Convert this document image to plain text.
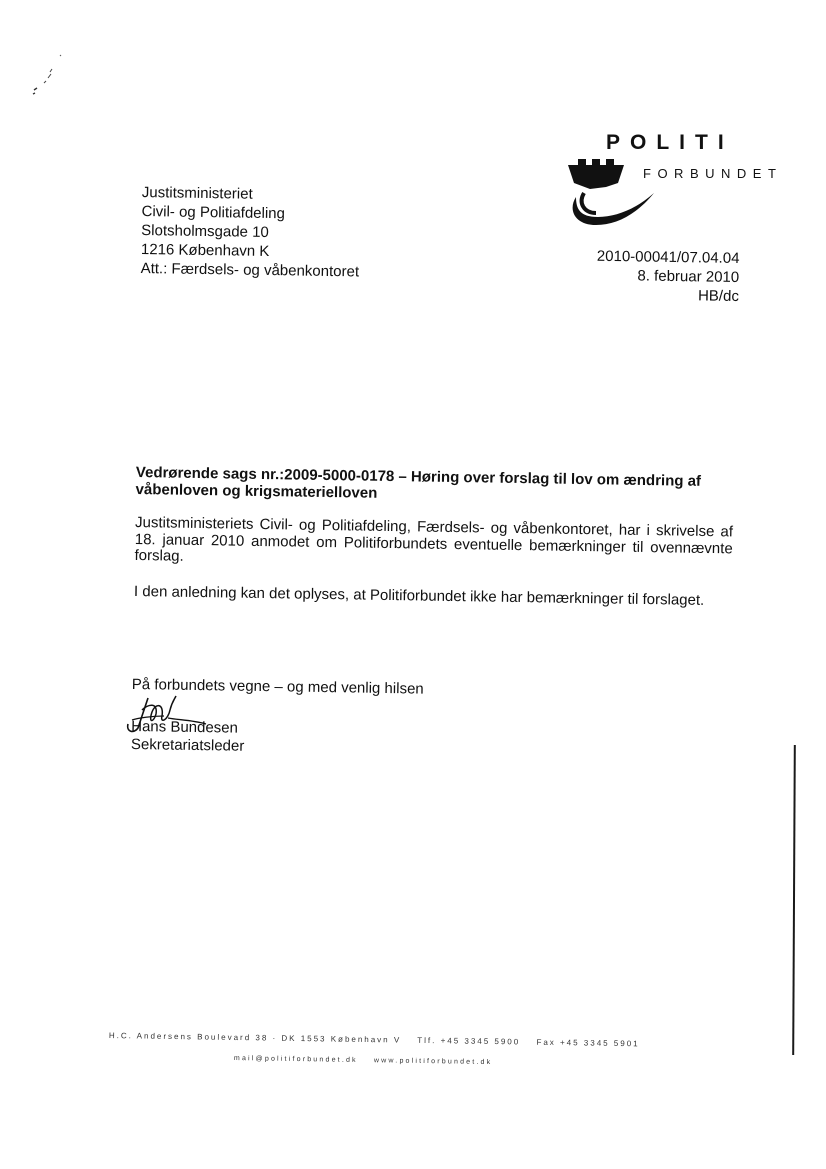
POLITI
FORBUNDET
Justitsministeriet
Civil- og Politiafdeling
Slotsholmsgade 10
1216 København K
Att.: Færdsels- og våbenkontoret
2010-00041/07.04.04
8. februar 2010
HB/dc

Vedrørende sags nr.:2009-5000-0178 – Høring over forslag til lov om ændring af våbenloven og krigsmaterielloven

Justitsministeriets Civil- og Politiafdeling, Færdsels- og våbenkontoret, har i skrivelse af 18. januar 2010 anmodet om Politiforbundets eventuelle bemærkninger til ovennævnte forslag.

I den anledning kan det oplyses, at Politiforbundet ikke har bemærkninger til forslaget.

På forbundets vegne – og med venlig hilsen
Hans Bundesen
Sekretariatsleder
H.C. Andersens Boulevard 38 · DK 1553 København V Tlf. +45 3345 5900 Fax +45 3345 5901
mail@politiforbundet.dk www.politiforbundet.dk
